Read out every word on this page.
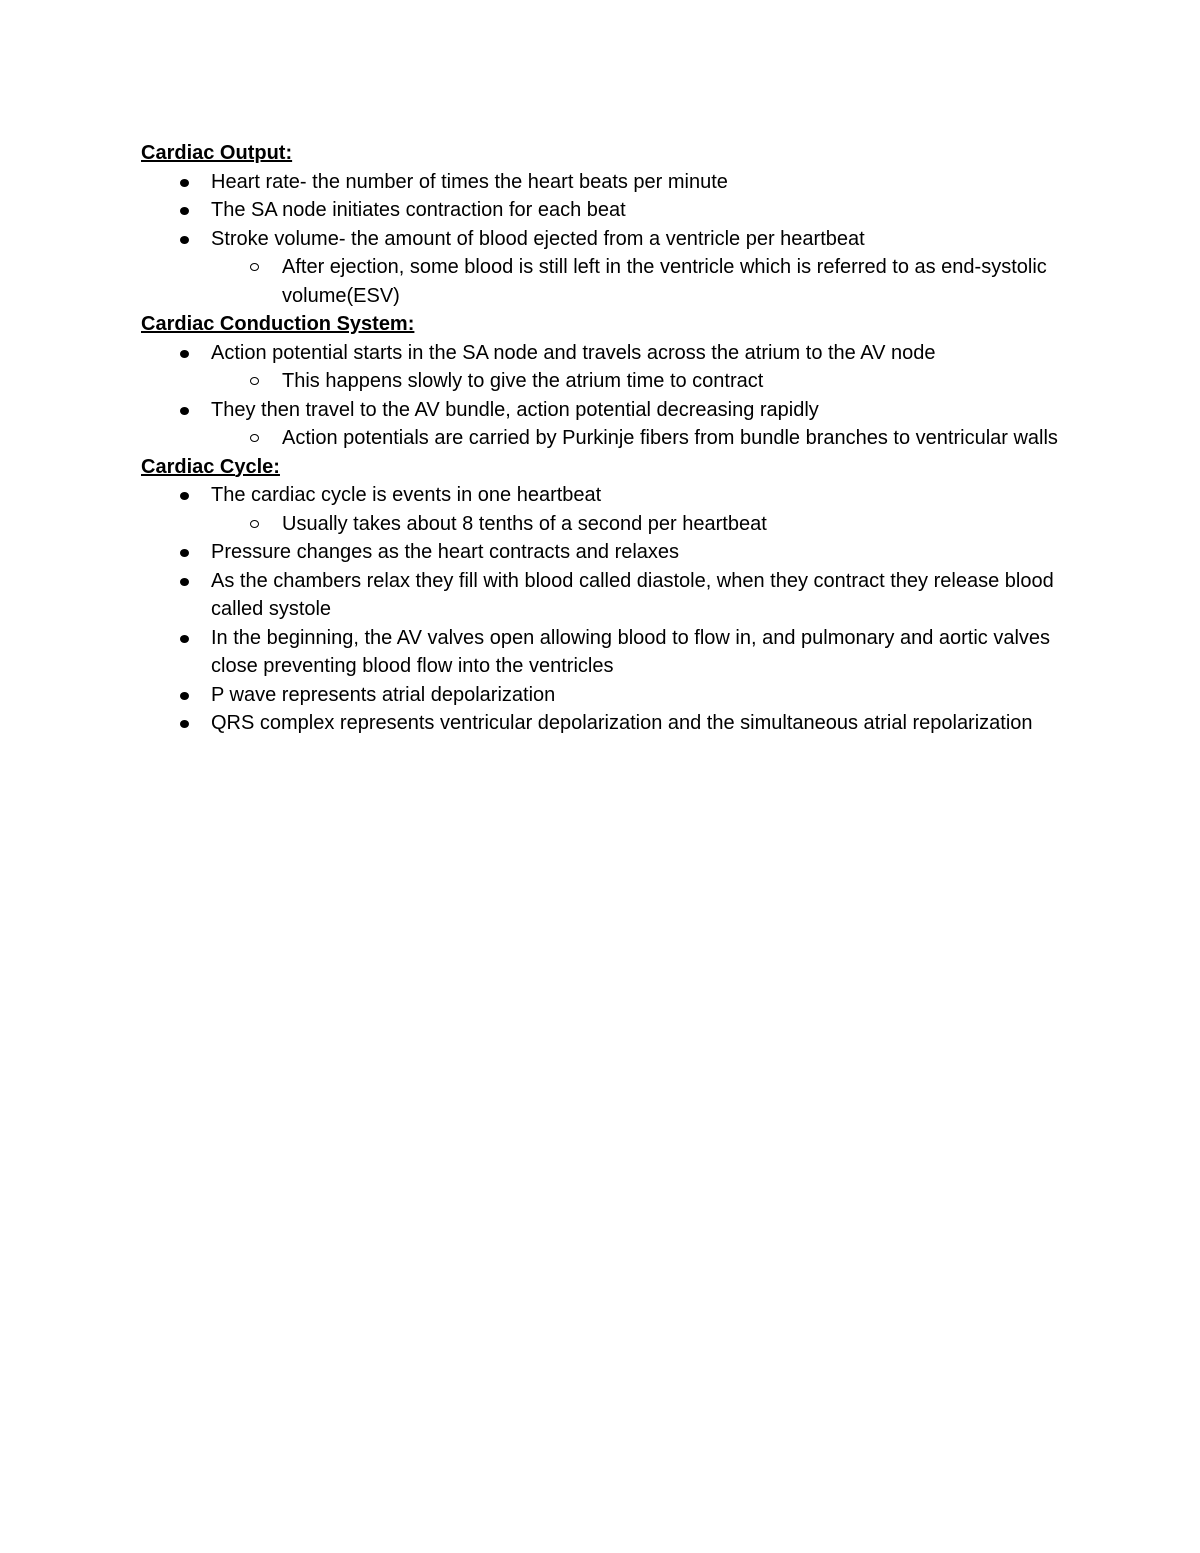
Cardiac Output:
Heart rate- the number of times the heart beats per minute
The SA node initiates contraction for each beat
Stroke volume- the amount of blood ejected from a ventricle per heartbeat
After ejection, some blood is still left in the ventricle which is referred to as end-systolic volume(ESV)
Cardiac Conduction System:
Action potential starts in the SA node and travels across the atrium to the AV node
This happens slowly to give the atrium time to contract
They then travel to the AV bundle, action potential decreasing rapidly
Action potentials are carried by Purkinje fibers from bundle branches to ventricular walls
Cardiac Cycle:
The cardiac cycle is events in one heartbeat
Usually takes about 8 tenths of a second per heartbeat
Pressure changes as the heart contracts and relaxes
As the chambers relax they fill with blood called diastole, when they contract they release blood called systole
In the beginning, the AV valves open allowing blood to flow in, and pulmonary and aortic valves close preventing blood flow into the ventricles
P wave represents atrial depolarization
QRS complex represents ventricular depolarization and the simultaneous atrial repolarization
